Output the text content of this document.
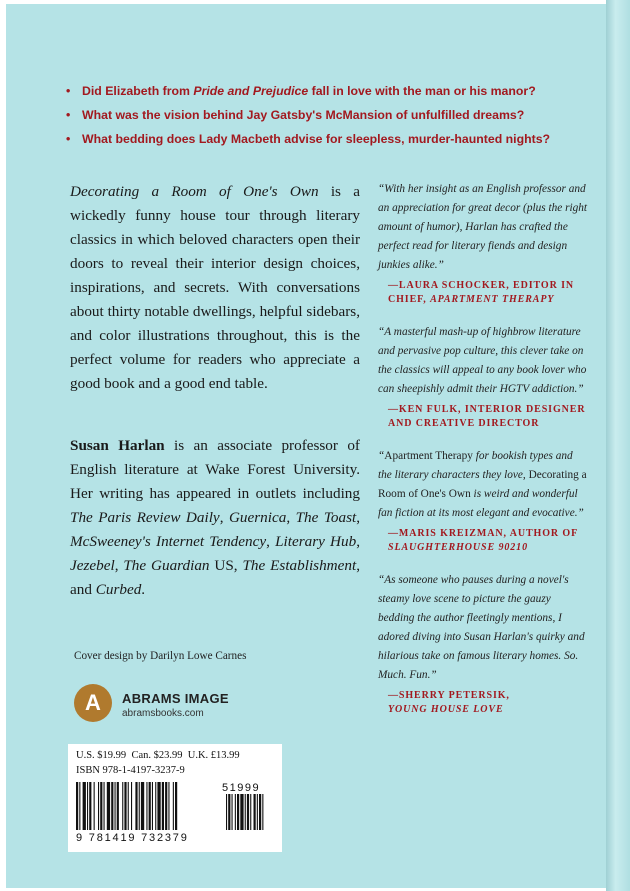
• Did Elizabeth from Pride and Prejudice fall in love with the man or his manor?
• What was the vision behind Jay Gatsby's McMansion of unfulfilled dreams?
• What bedding does Lady Macbeth advise for sleepless, murder-haunted nights?

Decorating a Room of One's Own is a wickedly funny house tour through literary classics in which beloved characters open their doors to reveal their interior design choices, inspirations, and secrets. With conversations about thirty notable dwellings, helpful sidebars, and color illustrations throughout, this is the perfect volume for readers who appreciate a good book and a good end table.

Susan Harlan is an associate professor of English literature at Wake Forest University. Her writing has appeared in outlets including The Paris Review Daily, Guernica, The Toast, McSweeney's Internet Tendency, Literary Hub, Jezebel, The Guardian US, The Establishment, and Curbed.

Cover design by Darilyn Lowe Carnes
A	ABRAMS IMAGE
abramsbooks.com
U.S. $19.99 Can. $23.99 U.K. £13.99
ISBN 978-1-4197-3237-9
9 781419 732379
51999

“With her insight as an English professor and an appreciation for great decor (plus the right amount of humor), Harlan has crafted the perfect read for literary fiends and design junkies alike.”

—LAURA SCHOCKER, EDITOR IN CHIEF, APARTMENT THERAPY

“A masterful mash-up of highbrow literature and pervasive pop culture, this clever take on the classics will appeal to any book lover who can sheepishly admit their HGTV addiction.”

—KEN FULK, INTERIOR DESIGNER AND CREATIVE DIRECTOR

“Apartment Therapy for bookish types and the literary characters they love, Decorating a Room of One's Own is weird and wonderful fan fiction at its most elegant and evocative.”

—MARIS KREIZMAN, AUTHOR OF SLAUGHTERHOUSE 90210

“As someone who pauses during a novel's steamy love scene to picture the gauzy bedding the author fleetingly mentions, I adored diving into Susan Harlan's quirky and hilarious take on famous literary homes. So. Much. Fun.”

—SHERRY PETERSIK,
YOUNG HOUSE LOVE
